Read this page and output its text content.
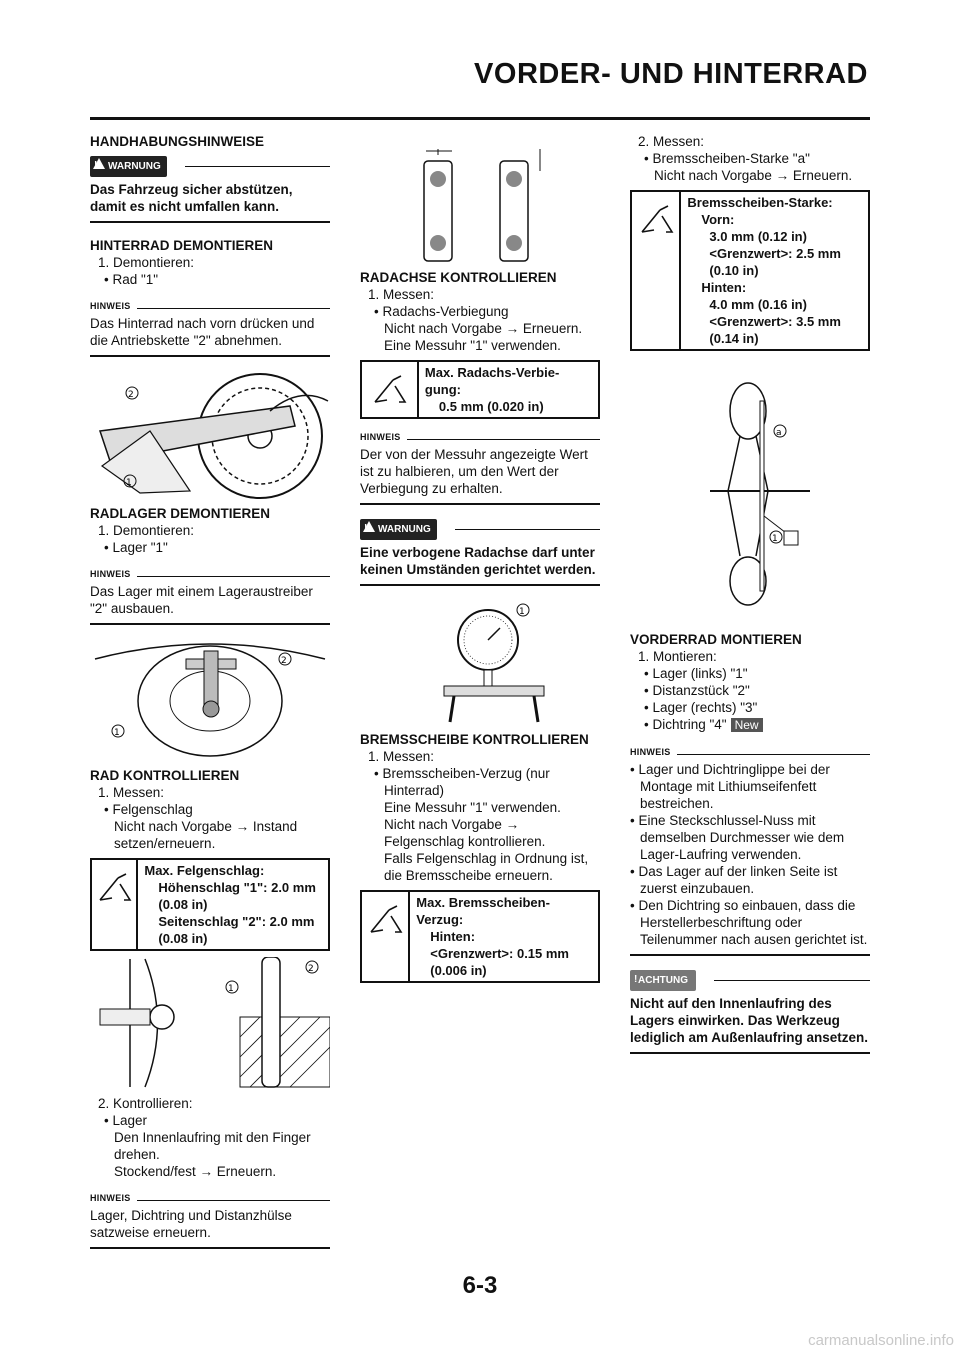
VORDER- UND HINTERRAD

HANDHABUNGSHINWEISE

! WARNUNG

Das Fahrzeug sicher abstützen, damit es nicht umfallen kann.

HINTERRAD DEMONTIEREN

1. Demontieren:

• Rad "1"

HINWEIS

Das Hinterrad nach vorn drücken und die Antriebskette "2" abnehmen.

2
1

RADLAGER DEMONTIEREN

1. Demontieren:

• Lager "1"

HINWEIS

Das Lager mit einem Lageraustreiber "2" ausbauen.

2
1

RAD KONTROLLIEREN

1. Messen:

• Felgenschlag

Nicht nach Vorgabe → Instand setzen/erneuern.

Max. Felgenschlag:
Höhenschlag "1": 2.0 mm (0.08 in)
Seitenschlag "2": 2.0 mm (0.08 in)
1
2

2. Kontrollieren:

• Lager

Den Innenlaufring mit den Finger drehen.

Stockend/fest → Erneuern.

HINWEIS

Lager, Dichtring und Distanzhülse satzweise erneuern.

RADACHSE KONTROLLIEREN

1. Messen:

• Radachs-Verbiegung

Nicht nach Vorgabe → Erneuern.

Eine Messuhr "1" verwenden.

Max. Radachs-Verbie-gung:
0.5 mm (0.020 in)
HINWEIS

Der von der Messuhr angezeigte Wert ist zu halbieren, um den Wert der Verbiegung zu erhalten.

! WARNUNG

Eine verbogene Radachse darf unter keinen Umständen gerichtet werden.

1

BREMSSCHEIBE KONTROLLIEREN

1. Messen:

• Bremsscheiben-Verzug (nur Hinterrad)

Eine Messuhr "1" verwenden.

Nicht nach Vorgabe → Felgenschlag kontrollieren.

Falls Felgenschlag in Ordnung ist, die Bremsscheibe erneuern.

Max. Bremsscheiben-Verzug:
Hinten:
<Grenzwert>: 0.15 mm (0.006 in)

2. Messen:

• Bremsscheiben-Starke "a"

Nicht nach Vorgabe → Erneuern.

Bremsscheiben-Starke:
Vorn:
3.0 mm (0.12 in)
<Grenzwert>: 2.5 mm (0.10 in)
Hinten:
4.0 mm (0.16 in)
<Grenzwert>: 3.5 mm (0.14 in)
a
1

VORDERRAD MONTIEREN

1. Montieren:

• Lager (links) "1"

• Distanzstück "2"

• Lager (rechts) "3"

• Dichtring "4" New

HINWEIS

• Lager und Dichtringlippe bei der Montage mit Lithiumseifenfett bestreichen.

• Eine Steckschlussel-Nuss mit demselben Durchmesser wie dem Lager-Laufring verwenden.

• Das Lager auf der linken Seite ist zuerst einzubauen.

• Den Dichtring so einbauen, dass die Herstellerbeschriftung oder Teilenummer nach ausen gerichtet ist.

! ACHTUNG

Nicht auf den Innenlaufring des Lagers einwirken. Das Werkzeug lediglich am Außenlaufring ansetzen.

6-3
carmanualsonline.info
